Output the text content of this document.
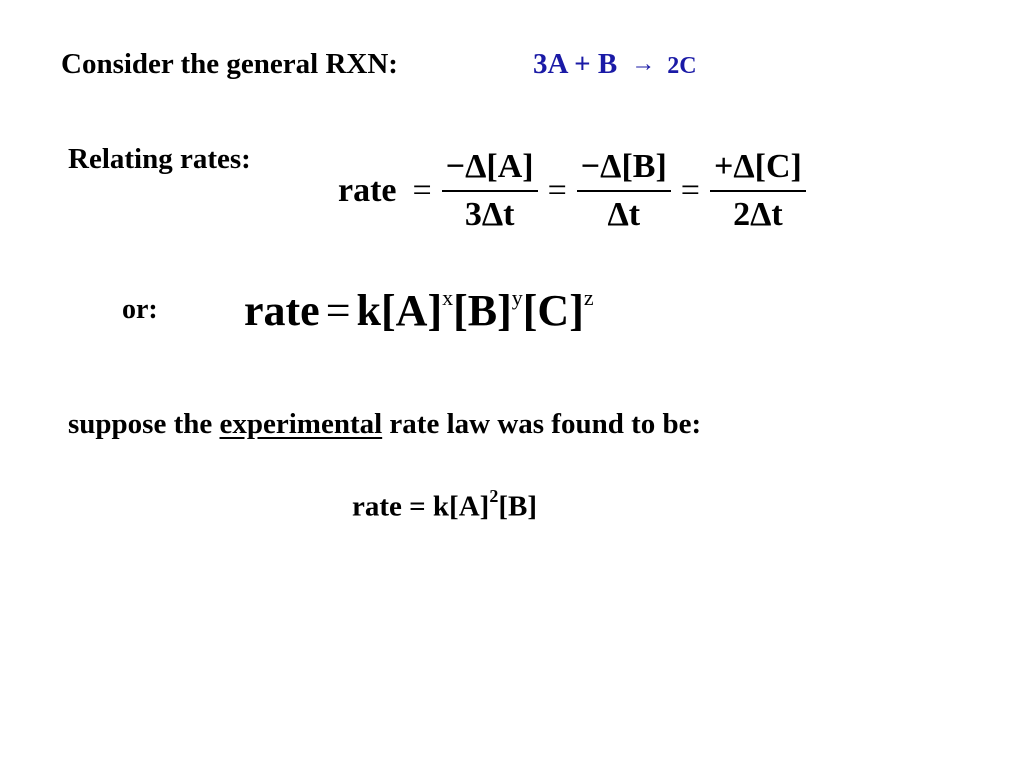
Consider the general RXN:	3A + B → 2C
Relating rates:
rate = $\frac{-\Delta[A]}{3\Delta t} = \frac{-\Delta[B]}{\Delta t} = \frac{+\Delta[C]}{2\Delta t}$
or: rate = $k[A]^x[B]^y[C]^z$
suppose the experimental rate law was found to be:
rate = $k[A]^2[B]$
